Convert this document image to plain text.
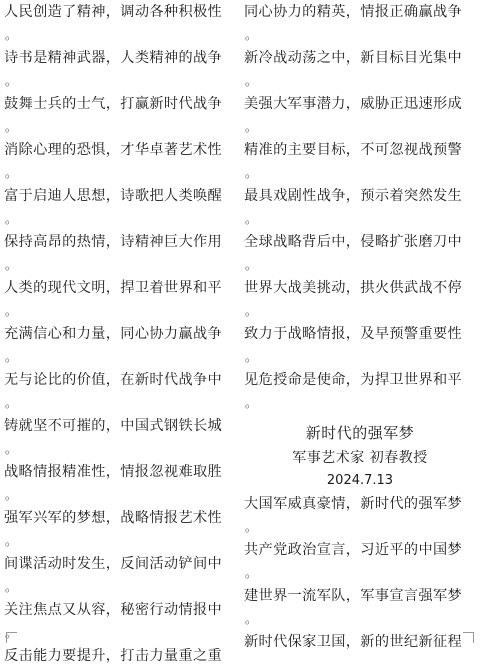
人民创造了精神，调动各种积极性
。
诗书是精神武器，人类精神的战争
。
鼓舞士兵的士气，打赢新时代战争
。
消除心理的恐惧，才华卓著艺术性
。
富于启迪人思想，诗歌把人类唤醒
。
保持高昂的热情，诗精神巨大作用
。
人类的现代文明，捍卫着世界和平
。
充满信心和力量，同心协力赢战争
。
无与论比的价值，在新时代战争中
。
铸就坚不可摧的，中国式钢铁长城
。
战略情报精准性，情报忽视难取胜
。
强军兴军的梦想，战略情报艺术性
。
间谍活动时发生，反间活动铲间中
。
关注焦点又从容，秘密行动情报中
。
反击能力要提升，打击力量重之重
同心协力的精英，情报正确赢战争
。
新冷战动荡之中，新目标目光集中
。
美强大军事潜力，威胁正迅速形成
。
精准的主要目标，不可忽视战预警
。
最具戏剧性战争，预示着突然发生
。
全球战略背后中，侵略扩张磨刀中
。
世界大战美挑动，拱火供武战不停
。
致力于战略情报，及早预警重要性
。
见危授命是使命，为捍卫世界和平
。
新时代的强军梦
军事艺术家 初春教授
2024.7.13
大国军威真豪情，新时代的强军梦
。
共产党政治宣言，习近平的中国梦
。
建世界一流军队，军事宣言强军梦
。
新时代保家卫国，新的世纪新征程
